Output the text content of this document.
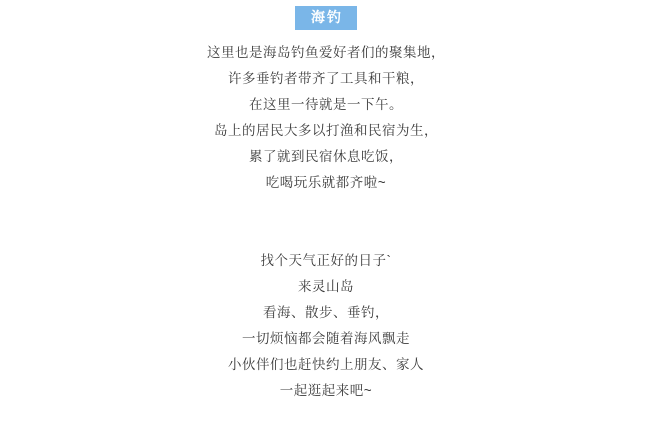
海钓
这里也是海岛钓鱼爱好者们的聚集地，
许多垂钓者带齐了工具和干粮，
在这里一待就是一下午。
岛上的居民大多以打渔和民宿为生，
累了就到民宿休息吃饭，
吃喝玩乐就都齐啦~
找个天气正好的日子`
来灵山岛
看海、散步、垂钓，
一切烦恼都会随着海风飘走
小伙伴们也赶快约上朋友、家人
一起逛起来吧~
